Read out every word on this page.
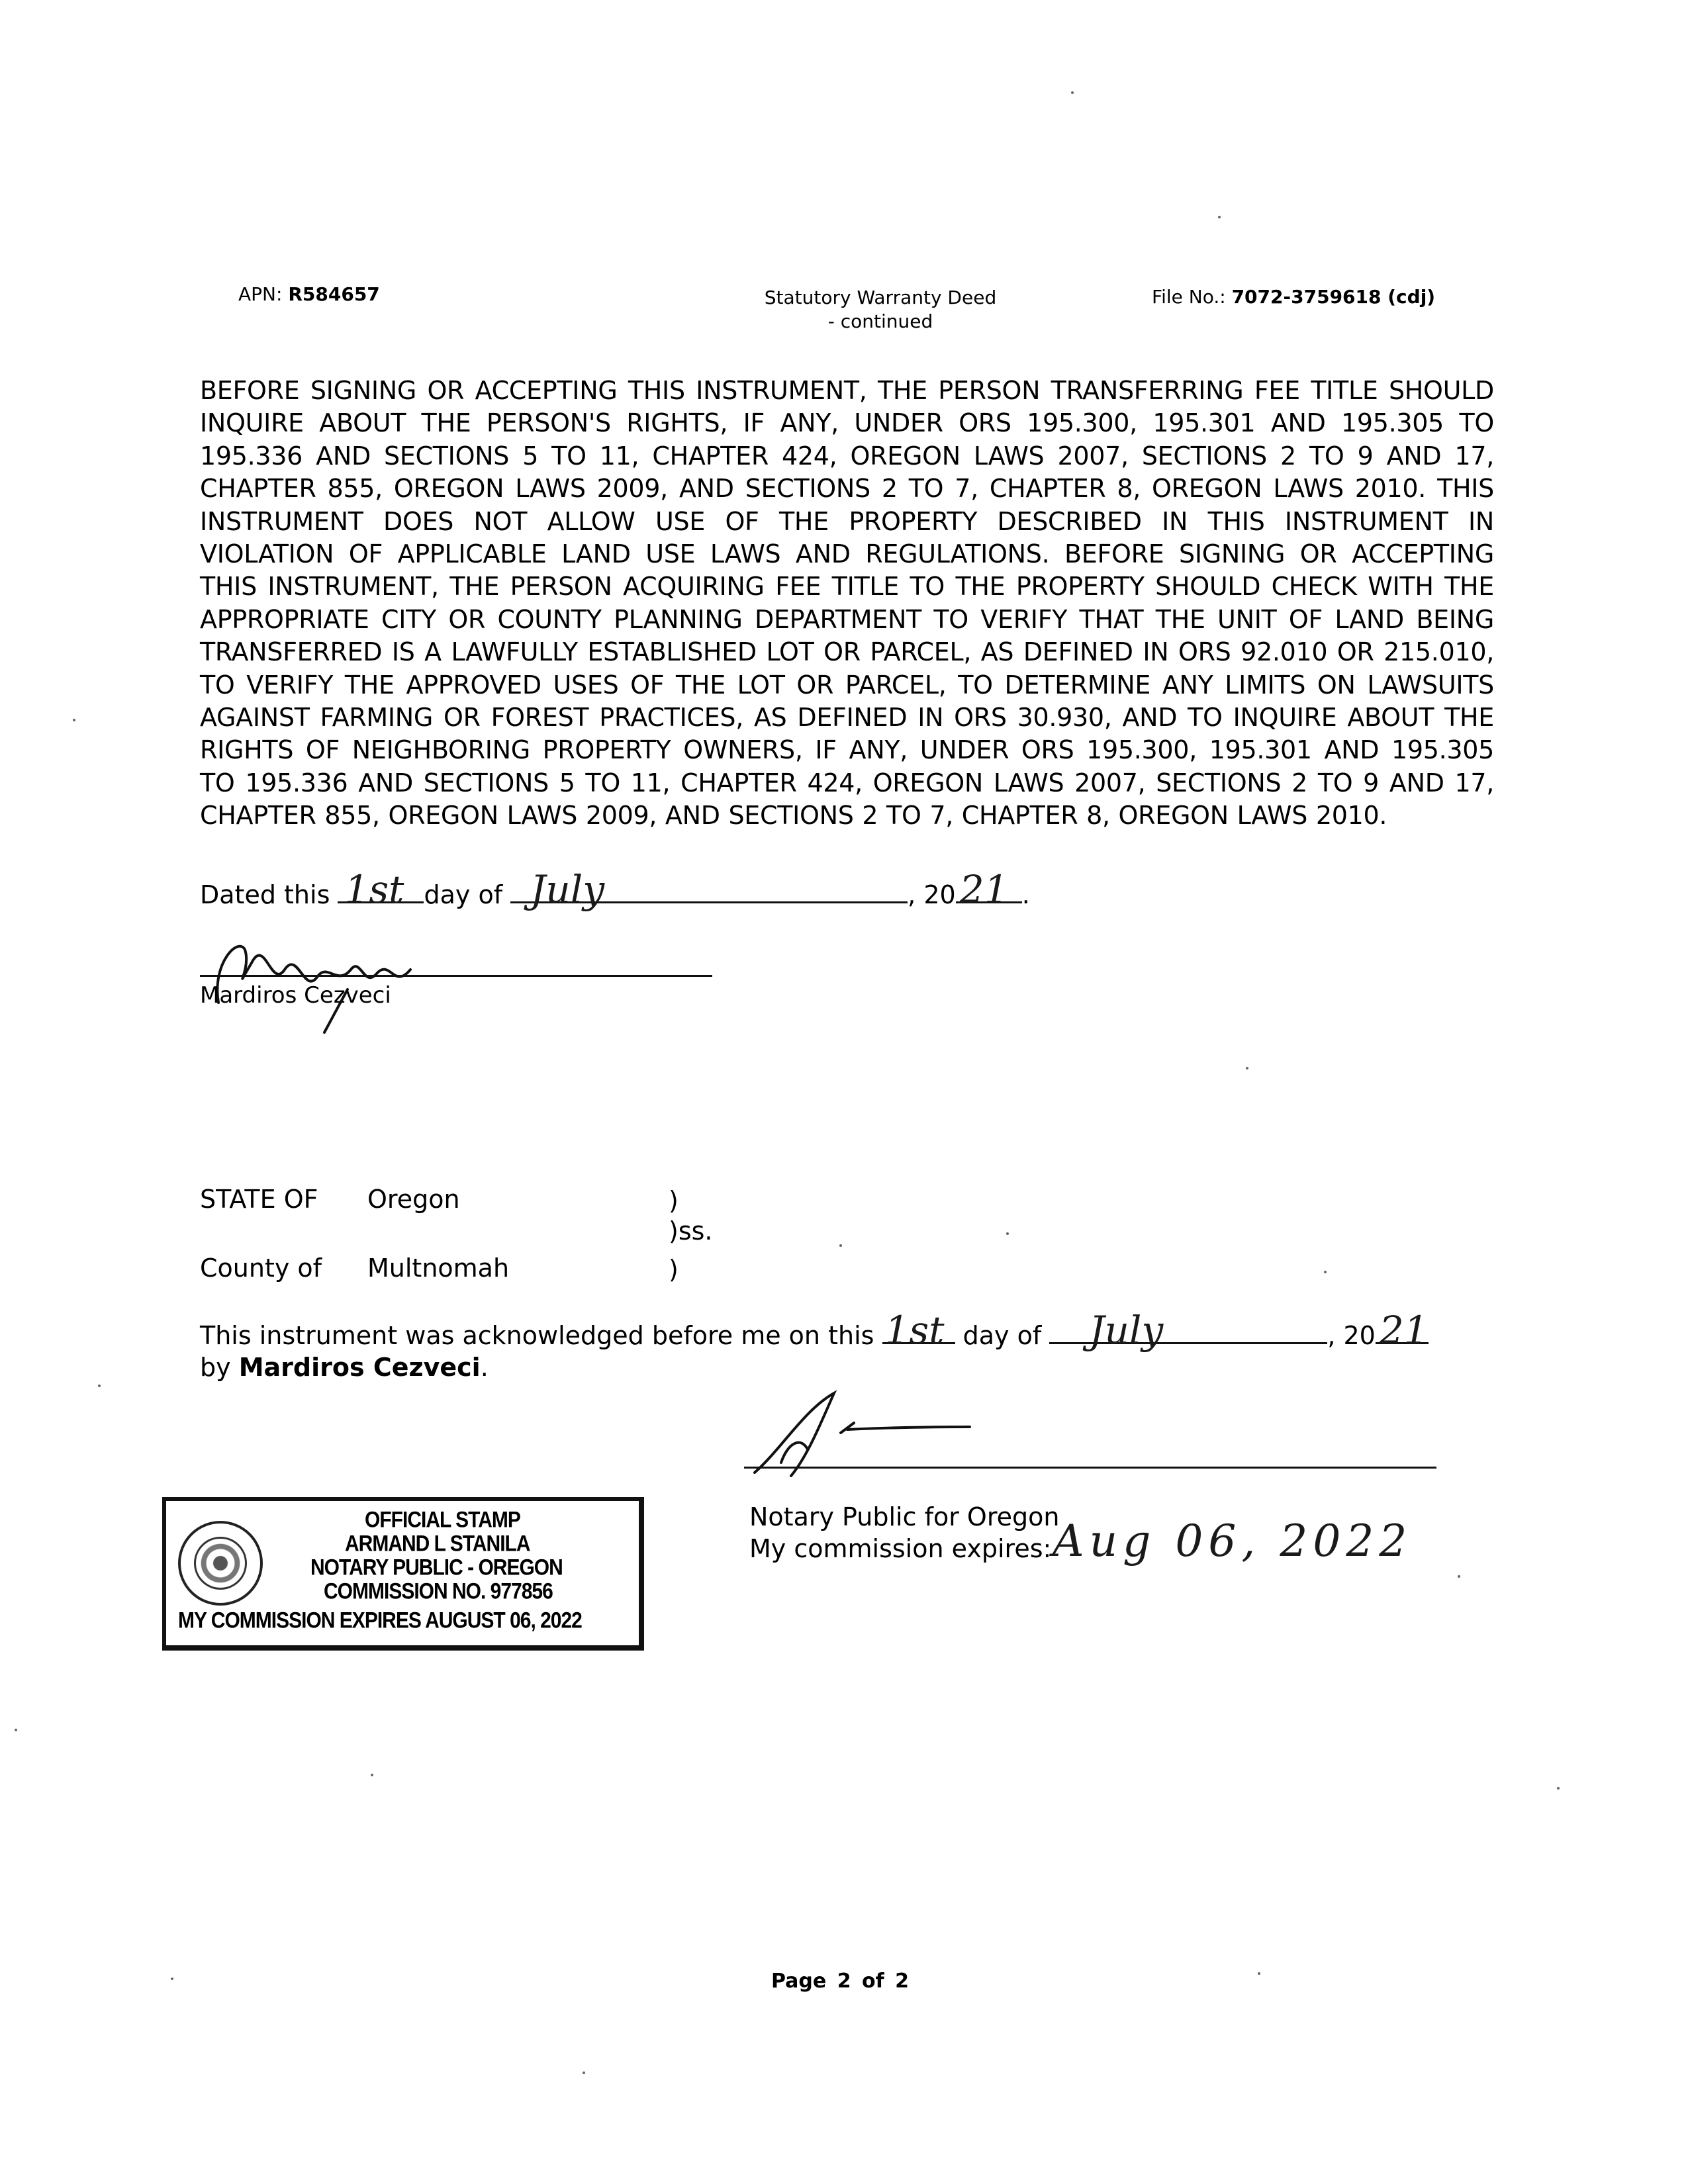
APN: R584657	Statutory Warranty Deed
- continued
File No.: 7072-3759618 (cdj)
BEFORE SIGNING OR ACCEPTING THIS INSTRUMENT, THE PERSON TRANSFERRING FEE TITLE SHOULD
INQUIRE ABOUT THE PERSON'S RIGHTS, IF ANY, UNDER ORS 195.300, 195.301 AND 195.305 TO
195.336 AND SECTIONS 5 TO 11, CHAPTER 424, OREGON LAWS 2007, SECTIONS 2 TO 9 AND 17,
CHAPTER 855, OREGON LAWS 2009, AND SECTIONS 2 TO 7, CHAPTER 8, OREGON LAWS 2010. THIS
INSTRUMENT DOES NOT ALLOW USE OF THE PROPERTY DESCRIBED IN THIS INSTRUMENT IN
VIOLATION OF APPLICABLE LAND USE LAWS AND REGULATIONS. BEFORE SIGNING OR ACCEPTING
THIS INSTRUMENT, THE PERSON ACQUIRING FEE TITLE TO THE PROPERTY SHOULD CHECK WITH THE
APPROPRIATE CITY OR COUNTY PLANNING DEPARTMENT TO VERIFY THAT THE UNIT OF LAND BEING
TRANSFERRED IS A LAWFULLY ESTABLISHED LOT OR PARCEL, AS DEFINED IN ORS 92.010 OR 215.010,
TO VERIFY THE APPROVED USES OF THE LOT OR PARCEL, TO DETERMINE ANY LIMITS ON LAWSUITS
AGAINST FARMING OR FOREST PRACTICES, AS DEFINED IN ORS 30.930, AND TO INQUIRE ABOUT THE
RIGHTS OF NEIGHBORING PROPERTY OWNERS, IF ANY, UNDER ORS 195.300, 195.301 AND 195.305
TO 195.336 AND SECTIONS 5 TO 11, CHAPTER 424, OREGON LAWS 2007, SECTIONS 2 TO 9 AND 17,
CHAPTER 855, OREGON LAWS 2009, AND SECTIONS 2 TO 7, CHAPTER 8, OREGON LAWS 2010.
Dated this 1st day of July	, 20 21 .
Mardiros Cezveci
STATE OF Oregon	)
)ss.
County of Multnomah	)
This instrument was acknowledged before me on this 1st day of July	, 20 21
by Mardiros Cezveci.
Notary Public for Oregon
My commission expires: Aug 06, 2022
OFFICIAL STAMP
ARMAND L STANILA
NOTARY PUBLIC - OREGON
COMMISSION NO. 977856
MY COMMISSION EXPIRES AUGUST 06, 2022
Page 2 of 2
